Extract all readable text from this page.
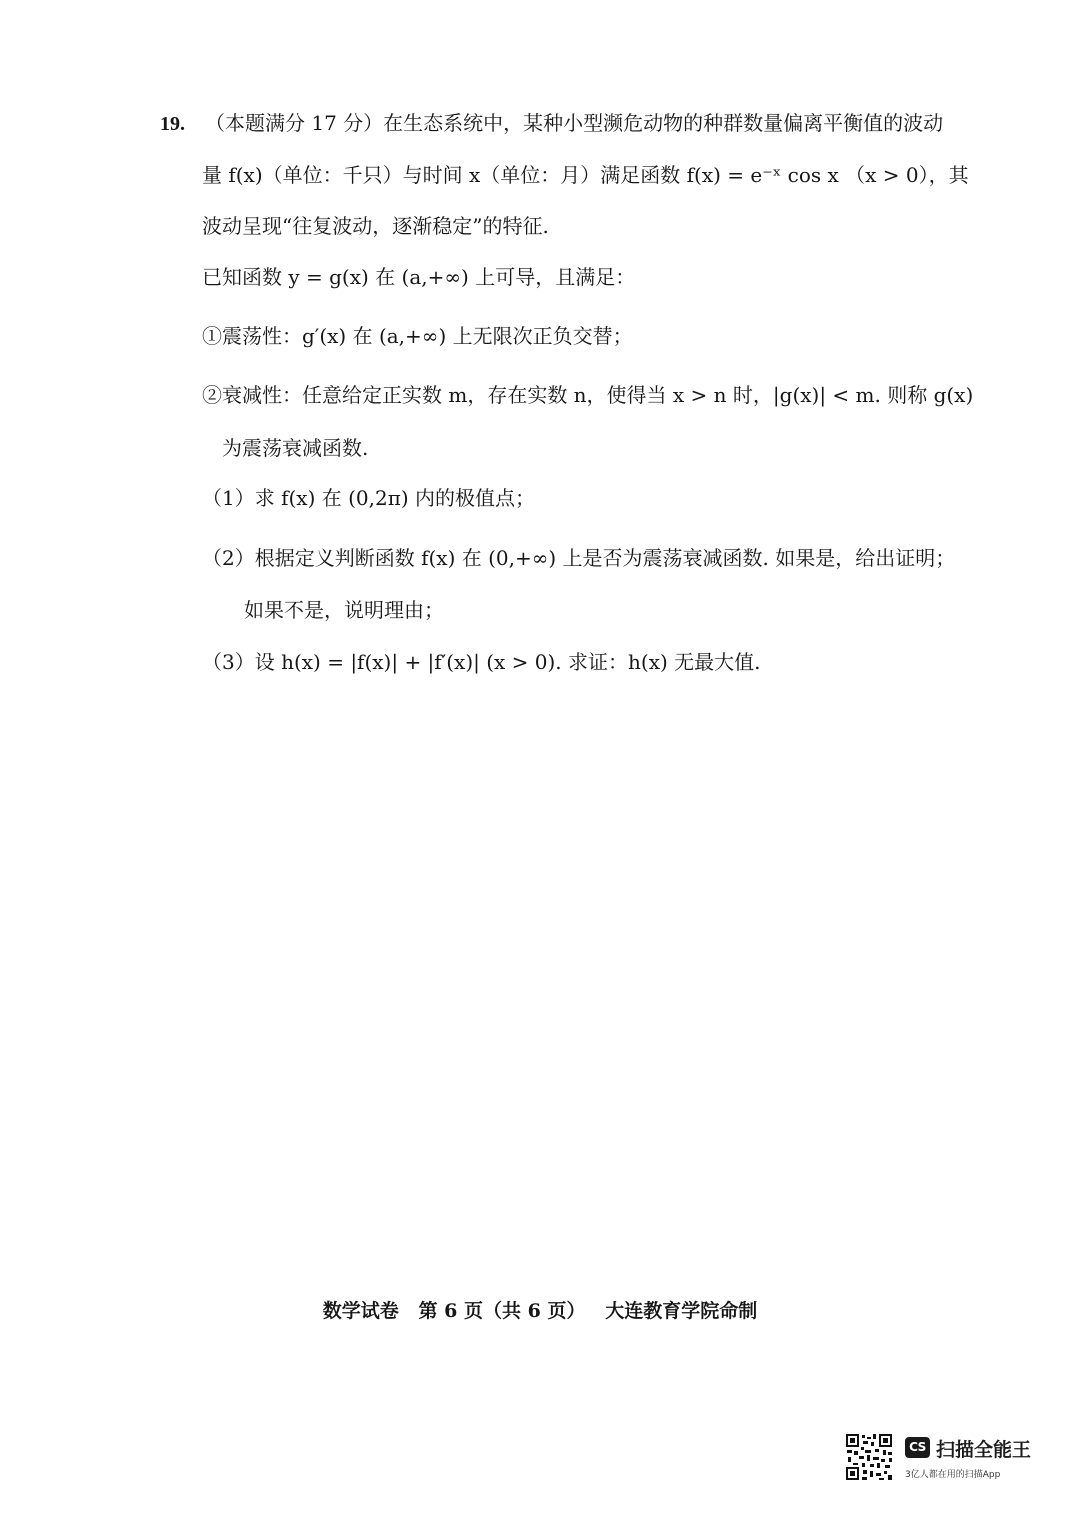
19. （本题满分 17 分）在生态系统中，某种小型濒危动物的种群数量偏离平衡值的波动
量 f(x)（单位：千只）与时间 x（单位：月）满足函数 f(x) = e⁻ˣ cos x （x > 0），其
波动呈现“往复波动，逐渐稳定”的特征.
已知函数 y = g(x) 在 (a,+∞) 上可导，且满足：
①震荡性：g′(x) 在 (a,+∞) 上无限次正负交替；
②衰减性：任意给定正实数 m，存在实数 n，使得当 x > n 时，|g(x)| < m. 则称 g(x)
为震荡衰减函数.
（1）求 f(x) 在 (0,2π) 内的极值点；
（2）根据定义判断函数 f(x) 在 (0,+∞) 上是否为震荡衰减函数. 如果是，给出证明；
如果不是，说明理由；
（3）设 h(x) = |f(x)| + |f′(x)| (x > 0). 求证：h(x) 无最大值.
数学试卷   第 6 页（共 6 页）   大连教育学院命制
CS 扫描全能王
3亿人都在用的扫描App
